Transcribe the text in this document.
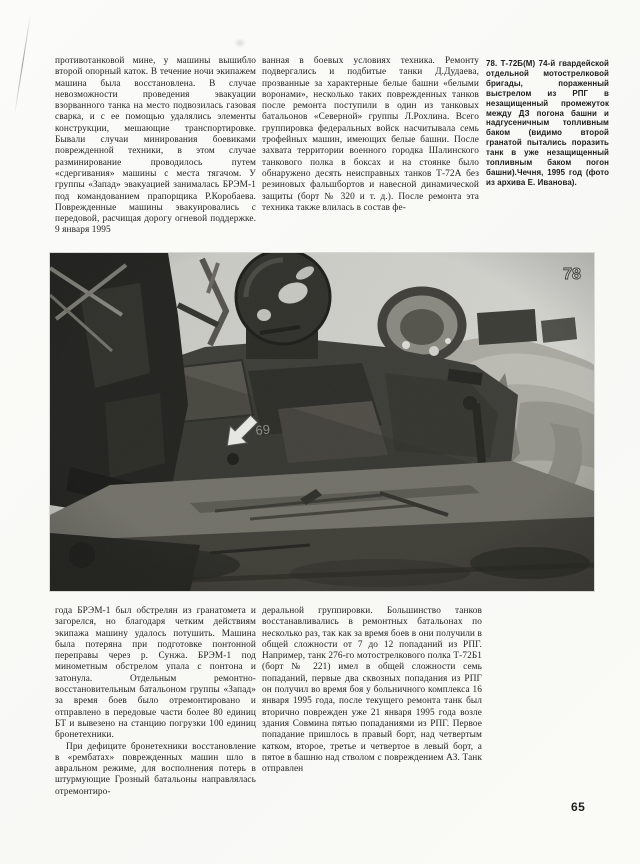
противотанковой мине, у машины вышибло второй опорный каток. В течение ночи экипажем машина была восстановлена. В случае невозможности проведения эвакуации взорванного танка на место подвозилась газовая сварка, и с ее помощью удалялись элементы конструкции, мешающие транспортировке. Бывали случаи минирования боевиками поврежденной техники, в этом случае разминирование проводилось путем «сдергивания» машины с места тягачом. У группы «Запад» эвакуацией занималась БРЭМ-1 под командованием прапорщика Р.Коробаева. Поврежденные машины эвакуировались с передовой, расчищая дорогу огневой поддержке. 9 января 1995

ванная в боевых условиях техника. Ремонту подвергались и подбитые танки Д.Дудаева, прозванные за характерные белые башни «белыми воронами», несколько таких поврежденных танков после ремонта поступили в один из танковых батальонов «Северной» группы Л.Рохлина. Всего группировка федеральных войск насчитывала семь трофейных машин, имеющих белые башни. После захвата территории военного городка Шалинского танкового полка в боксах и на стоянке было обнаружено десять неисправных танков Т-72А без резиновых фальшбортов и навесной динамической защиты (борт № 320 и т. д.). После ремонта эта техника также влилась в состав фе-

78. Т-72Б(М) 74-й гвардейской отдельной мотострелковой бригады, пораженный выстрелом из РПГ в незащищенный промежуток между ДЗ погона башни и надгусеничным топливным баком (видимо второй гранатой пытались поразить танк в уже незащищенный топливным баком погон башни).Чечня, 1995 год (фото из архива Е. Иванова).
78

года БРЭМ-1 был обстрелян из гранатомета и загорелся, но благодаря четким действиям экипажа машину удалось потушить. Машина была потеряна при подготовке понтонной переправы через р. Сунжа. БРЭМ-1 под минометным обстрелом упала с понтона и затонула. Отдельным ремонтно-восстановительным батальоном группы «Запад» за время боев было отремонтировано и отправлено в передовые части более 80 единиц БТ и вывезено на станцию погрузки 100 единиц бронетехники.

При дефиците бронетехники восстановление в «рембатах» поврежденных машин шло в авральном режиме, для восполнения потерь в штурмующие Грозный батальоны направлялась отремонтиро-

деральной группировки. Большинство танков восстанавливались в ремонтных батальонах по несколько раз, так как за время боев в они получили в общей сложности от 7 до 12 попаданий из РПГ. Например, танк 276-го мотострелкового полка Т-72Б1 (борт № 221) имел в общей сложности семь попаданий, первые два сквозных попадания из РПГ он получил во время боя у больничного комплекса 16 января 1995 года, после текущего ремонта танк был вторично поврежден уже 21 января 1995 года возле здания Совмина пятью попаданиями из РПГ. Первое попадание пришлось в правый борт, над четвертым катком, второе, третье и четвертое в левый борт, а пятое в башню над стволом с повреждением АЗ. Танк отправлен

65
